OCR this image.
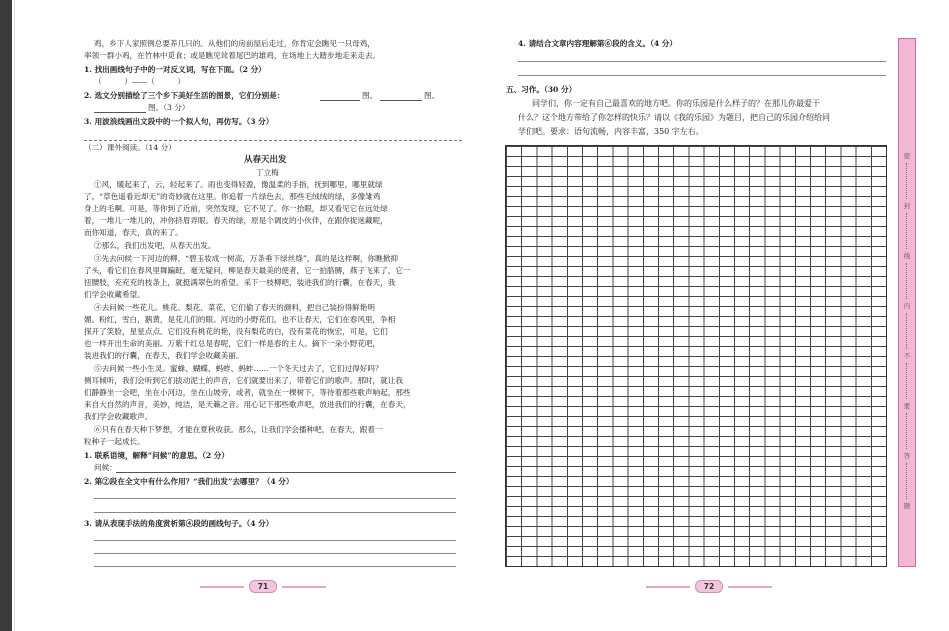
鸡，乡下人家照例总要养几只的。从他们的房前屋后走过，你肯定会瞧见一只母鸡，
率领一群小鸡，在竹林中觅食；或是瞧见耸着尾巴的雄鸡，在场地上大踏步地走来走去。
1. 找出画线句子中的一对反义词，写在下面。（2 分）
（　　　）——（　　　）
2. 选文分别描绘了三个乡下美好生活的图景，它们分别是：	图、	图、
图。（3 分）
3. 用波浪线画出文段中的一个拟人句，再仿写。（3 分）
（二）课外阅读。（14 分）
从春天出发
丁立梅
①风，暖起来了，云，轻起来了。雨也变得轻盈，像温柔的手指，抚到哪里，哪里就绿
了。“草色遥看近却无”的奇妙就在这里。你追着一片绿色去，那些毛绒绒的绿，多像雏鸡
身上的毛啊。可是，等你到了近前，突然发现，它不见了。你一抬眼，却又看见它在远处绿
着，一堆儿一堆儿的，冲你挤眉弄眼。春天的绿，原是个调皮的小伙伴，在跟你捉迷藏呢，
而你知道，春天，真的来了。
②那么，我们出发吧，从春天出发。
③先去问候一下河边的柳。“碧玉妆成一树高，万条垂下绿丝绦”，真的是这样啊，你瞧掀抑
了头，看它们在春风里舞蹁跹，毫无疑问，柳是春天最美的使者，它一拍胳膊，燕子飞来了，它一
扭腰肢，充充充的枝条上，就挺满翠色的希望。采下一枝柳吧，装进我们的行囊，在春天，我
们学会收藏希望。
④去问候一些花儿。桃花、梨花、菜花，它们偷了春天的颜料，把自己装扮得鲜艳明
媚。粉红，雪白，鹅黄，是花儿们的眼。河边的小野花们，也不让春天，它们在春风里，争相
探开了笑脸，星星点点。它们没有桃花的艳，没有梨花的白，没有菜花的恢宏，可是，它们
也一样开出生命的美丽。万紫千红总是春呢，它们一样是春的主人。摘下一朵小野花吧，
装进我们的行囊，在春天，我们学会收藏美丽。
⑤去问候一些小生灵。蜜蜂、蝴蝶、蚂蚱、蚂蚱……一个冬天过去了，它们过得好吗？
侧耳倾听，我们会听到它们拔动泥土的声音，它们就要出来了，带着它们的歌声。那时，就让我
们静静坐一会吧，坐在小河边，坐在山坡旁，或者，就坐在一棵树下，等待着那些歌声响起，那些
来自大自然的声音，美妙，纯洁，是天籁之音。用心记下那些歌声吧，放进我们的行囊，在春天，
我们学会收藏歌声。
⑥只有在春天种下梦想，才能在夏秋收获。那么，让我们学会播种吧，在春天，跟着一
粒种子一起成长。
1. 联系语境，解释“问候”的意思。（2 分）
问候：
2. 第②段在全文中有什么作用？“我们出发”去哪里？（4 分）
3. 请从表现手法的角度赏析第④段的画线句子。（4 分）
71
4. 请结合文章内容理解第⑥段的含义。（4 分）
五、习作。（30 分）
同学们，你一定有自己最喜欢的地方吧。你的乐园是什么样子的？在那儿你最爱干
什么？这个地方带给了你怎样的快乐？请以《我的乐园》为题目，把自己的乐园介绍给同
学们吧。要求：语句流畅，内容丰富，350 字左右。
72
密
封
线
内
不
要
答
题
